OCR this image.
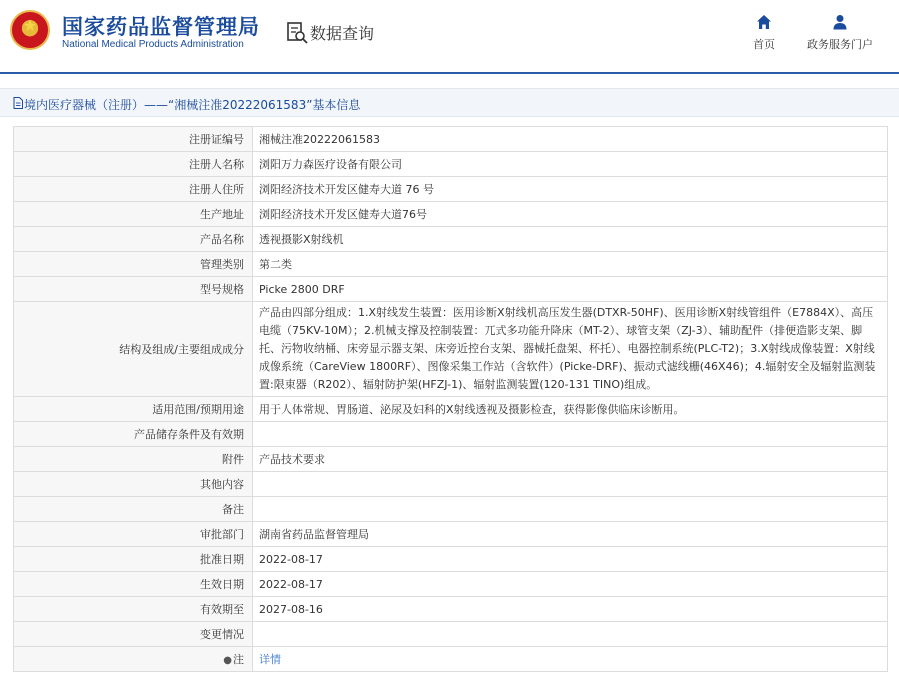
★	国家药品监督管理局
National Medical Products Administration
数据查询
首页	政务服务门户
境内医疗器械（注册）——“湘械注准20222061583”基本信息
注册证编号	湘械注准20222061583
注册人名称	浏阳万力森医疗设备有限公司
注册人住所	浏阳经济技术开发区健寿大道 76 号
生产地址	浏阳经济技术开发区健寿大道76号
产品名称	透视摄影X射线机
管理类别	第二类
型号规格	Picke 2800 DRF
结构及组成/主要组成成分	产品由四部分组成：1.X射线发生装置：医用诊断X射线机高压发生器(DTXR-50HF)、医用诊断X射线管组件（E7884X）、高压电缆（75KV-10M）；2.机械支撑及控制装置：兀式多功能升降床（MT-2）、球管支架（ZJ-3）、辅助配件（排便造影支架、脚托、污物收纳桶、床旁显示器支架、床旁近控台支架、器械托盘架、杯托）、电器控制系统(PLC-T2)；3.X射线成像装置：X射线成像系统（CareView 1800RF）、图像采集工作站（含软件）(Picke-DRF)、振动式滤线栅(46X46)；4.辐射安全及辐射监测装置:限束器（R202）、辐射防护架(HFZJ-1)、辐射监测装置(120-131 TINO)组成。
适用范围/预期用途	用于人体常规、胃肠道、泌尿及妇科的X射线透视及摄影检查，获得影像供临床诊断用。
产品储存条件及有效期	
附件	产品技术要求
其他内容	
备注	
审批部门	湖南省药品监督管理局
批准日期	2022-08-17
生效日期	2022-08-17
有效期至	2027-08-16
变更情况	
●注	详情
